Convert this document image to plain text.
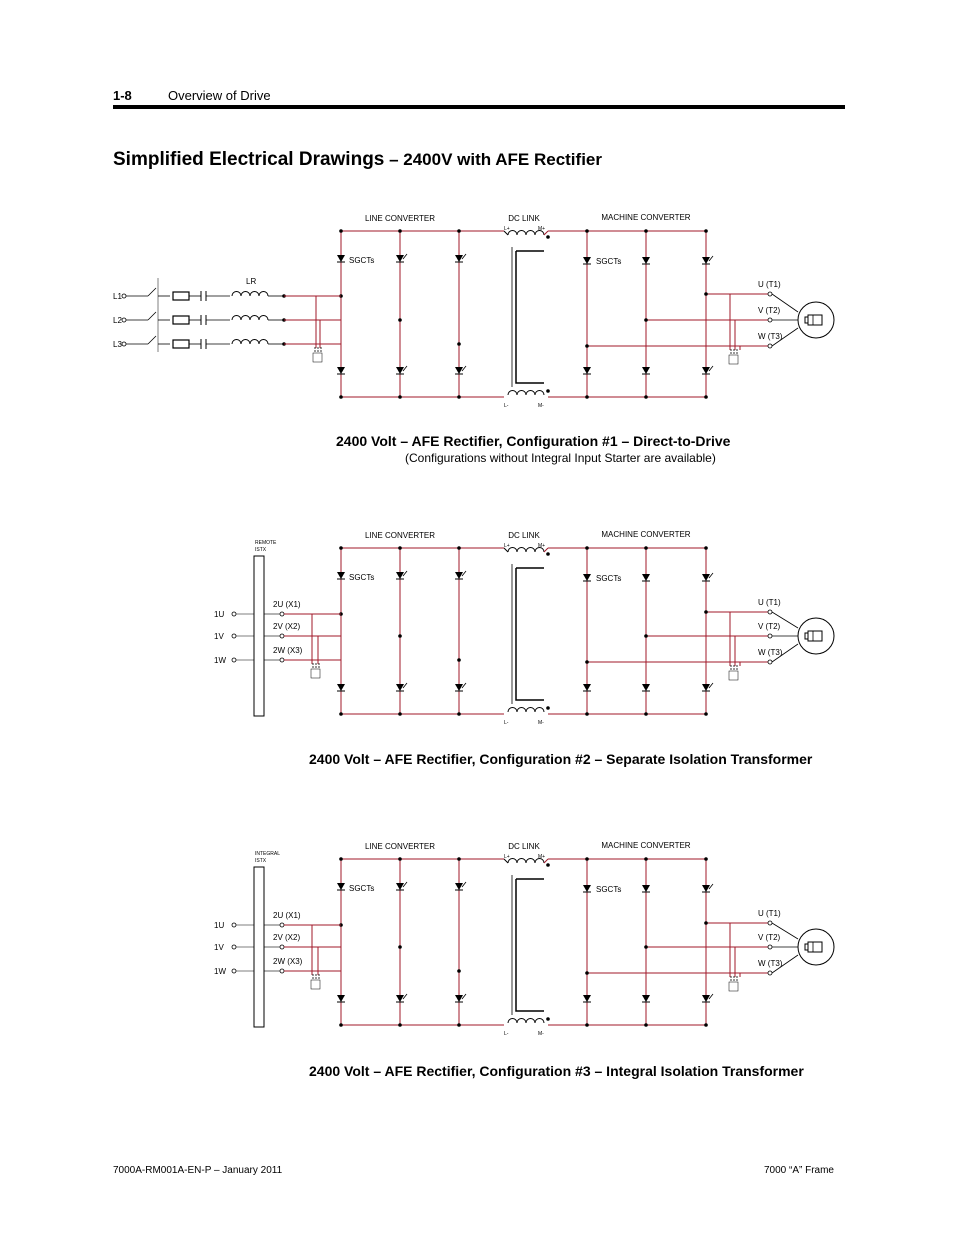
1-8	Overview of Drive
Simplified Electrical Drawings – 2400V with AFE Rectifier
LINE CONVERTER	DC LINK	MACHINE CONVERTER
SGCTs	SGCTs
L+	M+
L-	M-
U (T1)
V (T2)
W (T3)
LR
L1
L2
L3
2400 Volt – AFE Rectifier, Configuration #1 – Direct-to-Drive
(Configurations without Integral Input Starter are available)
LINE CONVERTER	DC LINK	MACHINE CONVERTER
SGCTs	SGCTs
L+	M+
L-	M-
U (T1)
V (T2)
W (T3)
REMOTE
ISTX
1U
1V
1W
2U (X1)
2V (X2)
2W (X3)
2400 Volt – AFE Rectifier, Configuration #2 – Separate Isolation Transformer
LINE CONVERTER	DC LINK	MACHINE CONVERTER
SGCTs	SGCTs
L+	M+
L-	M-
U (T1)
V (T2)
W (T3)
INTEGRAL
ISTX
1U
1V
1W
2U (X1)
2V (X2)
2W (X3)
2400 Volt – AFE Rectifier, Configuration #3 – Integral Isolation Transformer
7000A-RM001A-EN-P – January 2011	7000 “A” Frame
